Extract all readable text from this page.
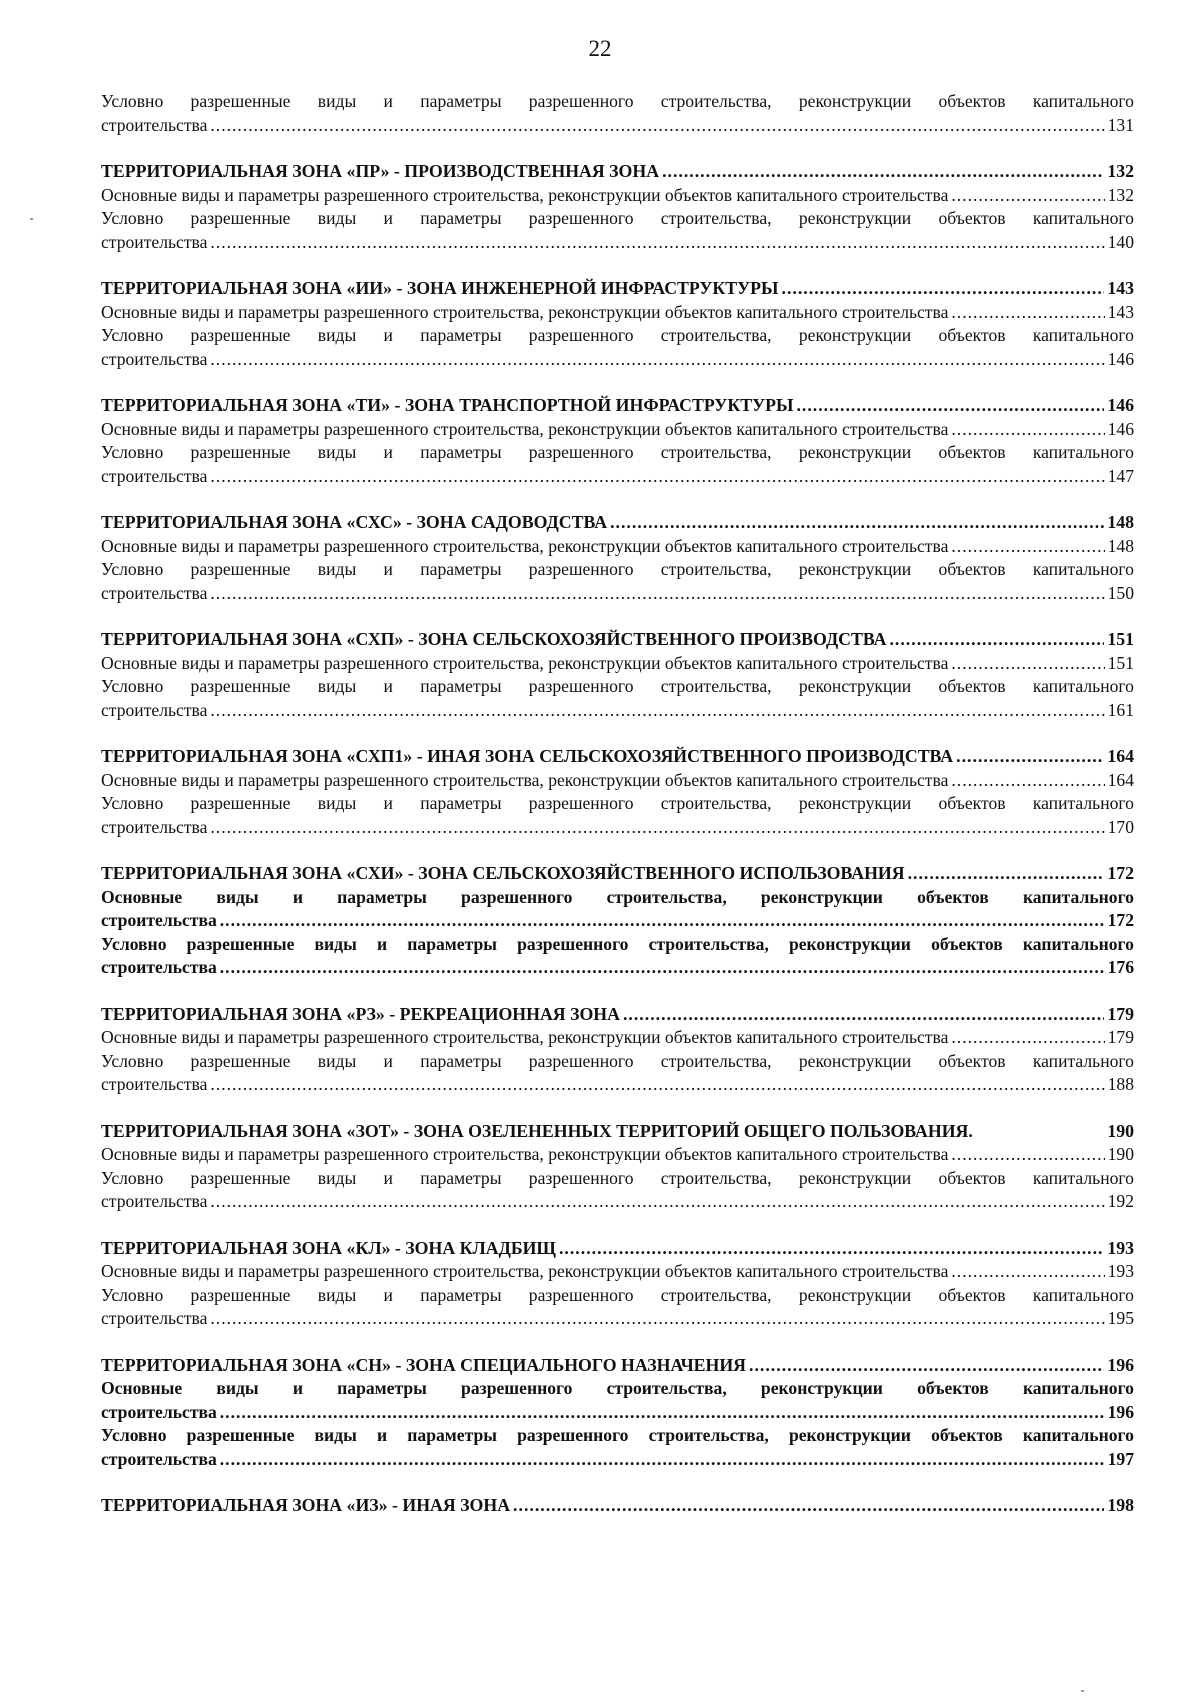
22
Условно разрешенные виды и параметры разрешенного строительства, реконструкции объектов капитального
строительства .....	131
ТЕРРИТОРИАЛЬНАЯ ЗОНА «ПР» - ПРОИЗВОДСТВЕННАЯ ЗОНА .....	132
Основные виды и параметры разрешенного строительства, реконструкции объектов капитального строительства .....	132
Условно разрешенные виды и параметры разрешенного строительства, реконструкции объектов капитального
строительства .....	140
ТЕРРИТОРИАЛЬНАЯ ЗОНА «ИИ» - ЗОНА ИНЖЕНЕРНОЙ ИНФРАСТРУКТУРЫ .....	143
Основные виды и параметры разрешенного строительства, реконструкции объектов капитального строительства .....	143
Условно разрешенные виды и параметры разрешенного строительства, реконструкции объектов капитального
строительства .....	146
ТЕРРИТОРИАЛЬНАЯ ЗОНА «ТИ» - ЗОНА ТРАНСПОРТНОЙ ИНФРАСТРУКТУРЫ .....	146
Основные виды и параметры разрешенного строительства, реконструкции объектов капитального строительства .....	146
Условно разрешенные виды и параметры разрешенного строительства, реконструкции объектов капитального
строительства .....	147
ТЕРРИТОРИАЛЬНАЯ ЗОНА «СХС» - ЗОНА САДОВОДСТВА .....	148
Основные виды и параметры разрешенного строительства, реконструкции объектов капитального строительства .....	148
Условно разрешенные виды и параметры разрешенного строительства, реконструкции объектов капитального
строительства .....	150
ТЕРРИТОРИАЛЬНАЯ ЗОНА «СХП» - ЗОНА СЕЛЬСКОХОЗЯЙСТВЕННОГО ПРОИЗВОДСТВА .....	151
Основные виды и параметры разрешенного строительства, реконструкции объектов капитального строительства .....	151
Условно разрешенные виды и параметры разрешенного строительства, реконструкции объектов капитального
строительства .....	161
ТЕРРИТОРИАЛЬНАЯ ЗОНА «СХП1» - ИНАЯ ЗОНА СЕЛЬСКОХОЗЯЙСТВЕННОГО ПРОИЗВОДСТВА .....	164
Основные виды и параметры разрешенного строительства, реконструкции объектов капитального строительства .....	164
Условно разрешенные виды и параметры разрешенного строительства, реконструкции объектов капитального
строительства .....	170
ТЕРРИТОРИАЛЬНАЯ ЗОНА «СХИ» - ЗОНА СЕЛЬСКОХОЗЯЙСТВЕННОГО ИСПОЛЬЗОВАНИЯ .....	172
Основные виды и параметры разрешенного строительства, реконструкции объектов капитального
строительства .....	172
Условно разрешенные виды и параметры разрешенного строительства, реконструкции объектов капитального
строительства .....	176
ТЕРРИТОРИАЛЬНАЯ ЗОНА «РЗ» - РЕКРЕАЦИОННАЯ ЗОНА .....	179
Основные виды и параметры разрешенного строительства, реконструкции объектов капитального строительства .....	179
Условно разрешенные виды и параметры разрешенного строительства, реконструкции объектов капитального
строительства .....	188
ТЕРРИТОРИАЛЬНАЯ ЗОНА «ЗОТ» - ЗОНА ОЗЕЛЕНЕННЫХ ТЕРРИТОРИЙ ОБЩЕГО ПОЛЬЗОВАНИЯ.	190
Основные виды и параметры разрешенного строительства, реконструкции объектов капитального строительства .....	190
Условно разрешенные виды и параметры разрешенного строительства, реконструкции объектов капитального
строительства .....	192
ТЕРРИТОРИАЛЬНАЯ ЗОНА «КЛ» - ЗОНА КЛАДБИЩ .....	193
Основные виды и параметры разрешенного строительства, реконструкции объектов капитального строительства .....	193
Условно разрешенные виды и параметры разрешенного строительства, реконструкции объектов капитального
строительства .....	195
ТЕРРИТОРИАЛЬНАЯ ЗОНА «СН» - ЗОНА СПЕЦИАЛЬНОГО НАЗНАЧЕНИЯ .....	196
Основные виды и параметры разрешенного строительства, реконструкции объектов капитального
строительства .....	196
Условно разрешенные виды и параметры разрешенного строительства, реконструкции объектов капитального
строительства .....	197
ТЕРРИТОРИАЛЬНАЯ ЗОНА «ИЗ» - ИНАЯ ЗОНА .....	198
